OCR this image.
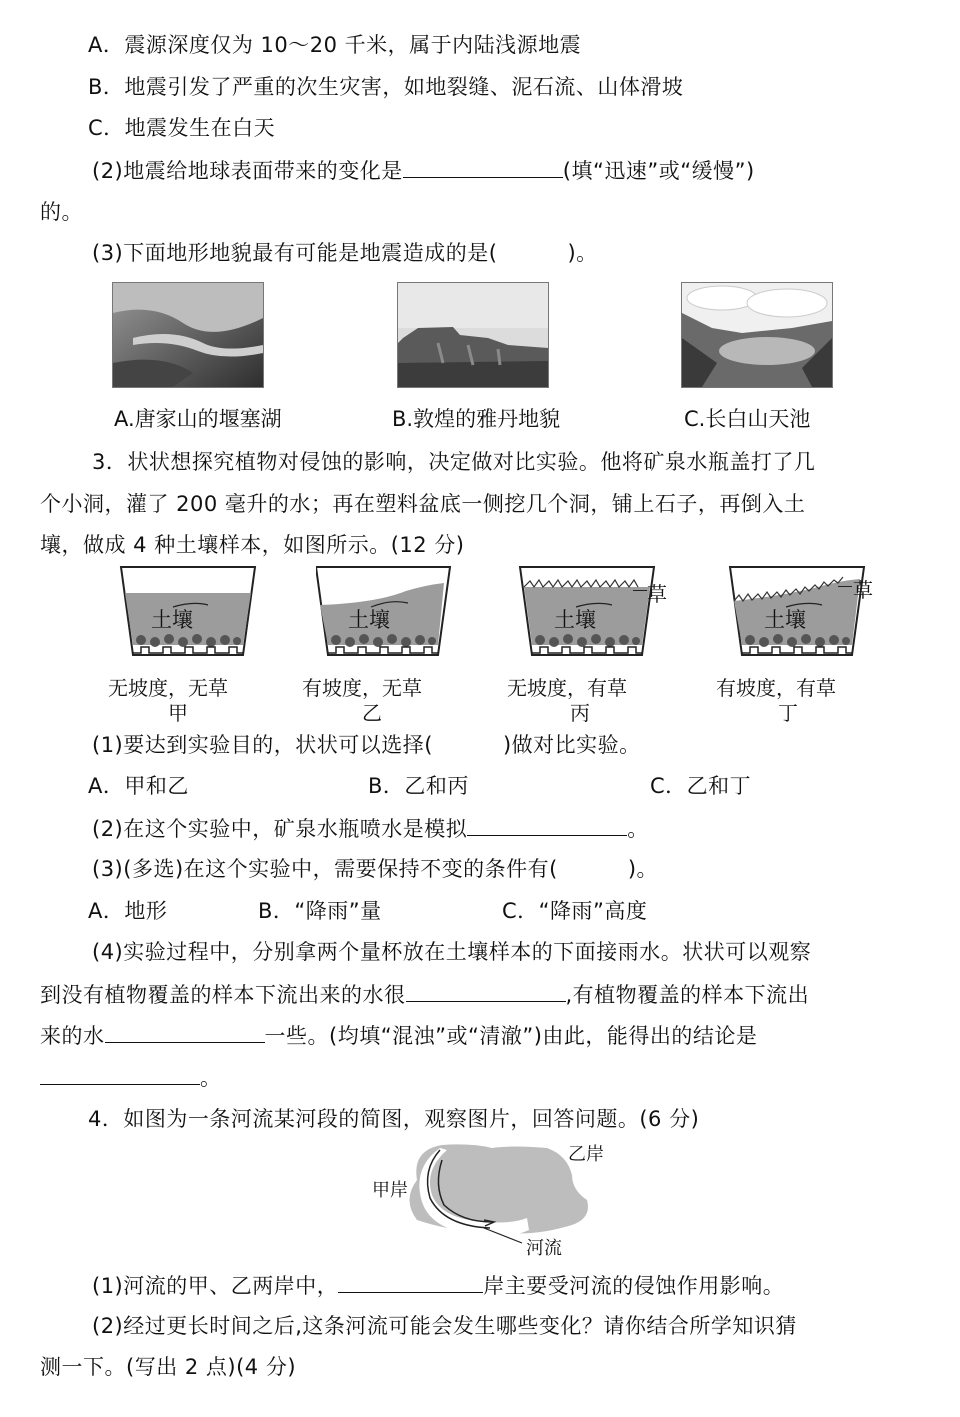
A．震源深度仅为 10～20 千米，属于内陆浅源地震
B．地震引发了严重的次生灾害，如地裂缝、泥石流、山体滑坡
C．地震发生在白天
(2)地震给地球表面带来的变化是	(填“迅速”或“缓慢”)
的。
(3)下面地形地貌最有可能是地震造成的是(	)。
A.唐家山的堰塞湖	B.敦煌的雅丹地貌	C.长白山天池
3．状状想探究植物对侵蚀的影响，决定做对比实验。他将矿泉水瓶盖打了几
个小洞，灌了 200 毫升的水；再在塑料盆底一侧挖几个洞，铺上石子，再倒入土
壤，做成 4 种土壤样本，如图所示。(12 分)
土壤	土壤	土壤
草
土壤
草
无坡度，无草
甲
有坡度，无草
乙
无坡度，有草
丙
有坡度，有草
丁
(1)要达到实验目的，状状可以选择(	)做对比实验。
A．甲和乙	B．乙和丙	C．乙和丁
(2)在这个实验中，矿泉水瓶喷水是模拟	。
(3)(多选)在这个实验中，需要保持不变的条件有(	)。
A．地形	B．“降雨”量	C．“降雨”高度
(4)实验过程中，分别拿两个量杯放在土壤样本的下面接雨水。状状可以观察
到没有植物覆盖的样本下流出来的水很	,有植物覆盖的样本下流出
来的水	一些。(均填“混浊”或“清澈”)由此，能得出的结论是
。
4．如图为一条河流某河段的简图，观察图片，回答问题。(6 分)
甲岸
乙岸
河流
(1)河流的甲、乙两岸中，	岸主要受河流的侵蚀作用影响。
(2)经过更长时间之后,这条河流可能会发生哪些变化？请你结合所学知识猜
测一下。(写出 2 点)(4 分)
